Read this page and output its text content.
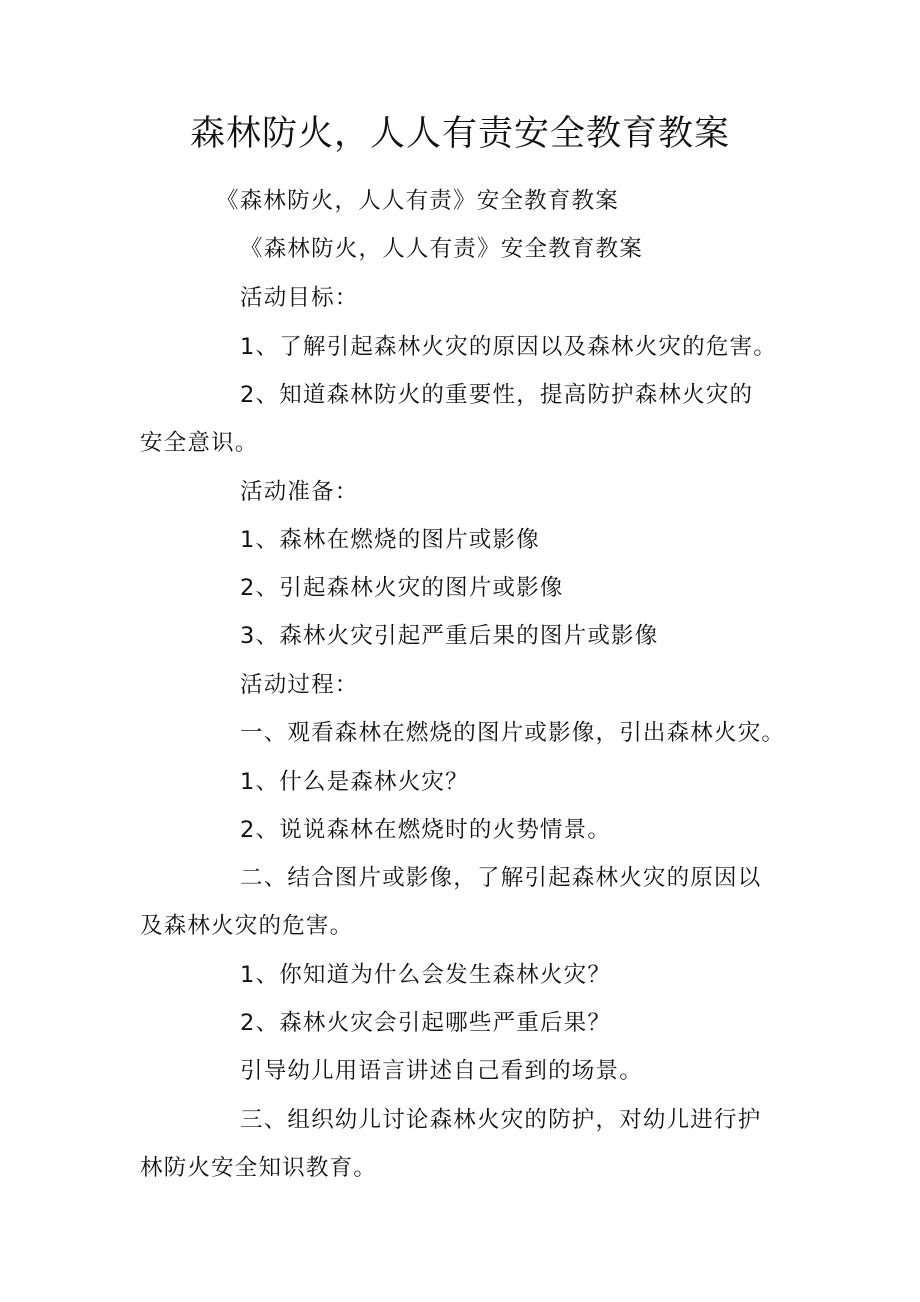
森林防火，人人有责安全教育教案
《森林防火，人人有责》安全教育教案
《森林防火，人人有责》安全教育教案
活动目标：
1、了解引起森林火灾的原因以及森林火灾的危害。
2、知道森林防火的重要性，提高防护森林火灾的
安全意识。
活动准备：
1、森林在燃烧的图片或影像
2、引起森林火灾的图片或影像
3、森林火灾引起严重后果的图片或影像
活动过程：
一、观看森林在燃烧的图片或影像，引出森林火灾。
1、什么是森林火灾？
2、说说森林在燃烧时的火势情景。
二、结合图片或影像，了解引起森林火灾的原因以
及森林火灾的危害。
1、你知道为什么会发生森林火灾？
2、森林火灾会引起哪些严重后果？
引导幼儿用语言讲述自己看到的场景。
三、组织幼儿讨论森林火灾的防护，对幼儿进行护
林防火安全知识教育。
